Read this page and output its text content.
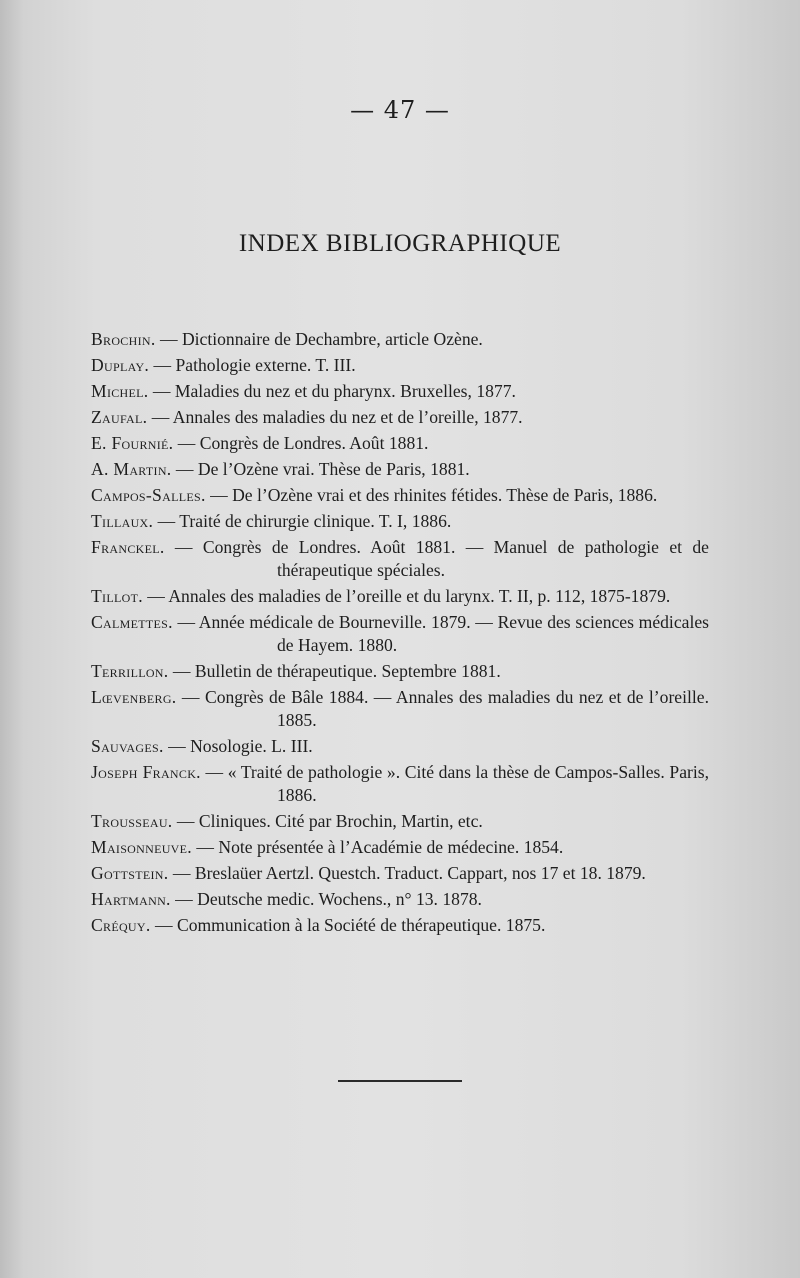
— 47 —
INDEX BIBLIOGRAPHIQUE
Brochin. — Dictionnaire de Dechambre, article Ozène.
Duplay. — Pathologie externe. T. III.
Michel. — Maladies du nez et du pharynx. Bruxelles, 1877.
Zaufal. — Annales des maladies du nez et de l’oreille, 1877.
E. Fournié. — Congrès de Londres. Août 1881.
A. Martin. — De l’Ozène vrai. Thèse de Paris, 1881.
Campos-Salles. — De l’Ozène vrai et des rhinites fétides. Thèse de Paris, 1886.
Tillaux. — Traité de chirurgie clinique. T. I, 1886.
Franckel. — Congrès de Londres. Août 1881. — Manuel de pathologie et de thérapeutique spéciales.
Tillot. — Annales des maladies de l’oreille et du larynx. T. II, p. 112, 1875-1879.
Calmettes. — Année médicale de Bourneville. 1879. — Revue des sciences médicales de Hayem. 1880.
Terrillon. — Bulletin de thérapeutique. Septembre 1881.
Lœvenberg. — Congrès de Bâle 1884. — Annales des maladies du nez et de l’oreille. 1885.
Sauvages. — Nosologie. L. III.
Joseph Franck. — « Traité de pathologie ». Cité dans la thèse de Campos-Salles. Paris, 1886.
Trousseau. — Cliniques. Cité par Brochin, Martin, etc.
Maisonneuve. — Note présentée à l’Académie de médecine. 1854.
Gottstein. — Breslaüer Aertzl. Questch. Traduct. Cappart, nos 17 et 18. 1879.
Hartmann. — Deutsche medic. Wochens., n° 13. 1878.
Créquy. — Communication à la Société de thérapeutique. 1875.
